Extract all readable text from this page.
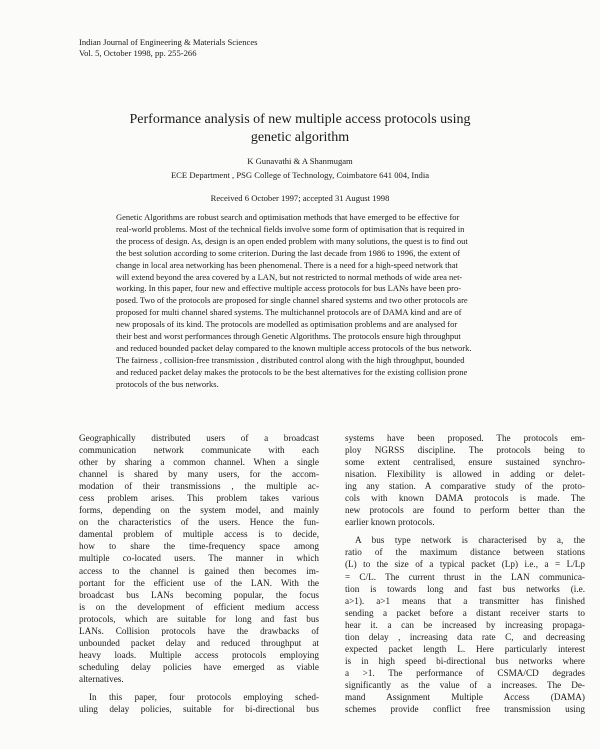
Indian Journal of Engineering & Materials Sciences
Vol. 5, October 1998, pp. 255-266
Performance analysis of new multiple access protocols using
genetic algorithm
K Gunavathi & A Shanmugam
ECE Department , PSG College of Technology, Coimbatore 641 004, India
Received 6 October 1997; accepted 31 August 1998
Genetic Algorithms are robust search and optimisation methods that have emerged to be effective for
real-world problems. Most of the technical fields involve some form of optimisation that is required in
the process of design. As, design is an open ended problem with many solutions, the quest is to find out
the best solution according to some criterion. During the last decade from 1986 to 1996, the extent of
change in local area networking has been phenomenal. There is a need for a high-speed network that
will extend beyond the area covered by a LAN, but not restricted to normal methods of wide area net-
working. In this paper, four new and effective multiple access protocols for bus LANs have been pro-
posed. Two of the protocols are proposed for single channel shared systems and two other protocols are
proposed for multi channel shared systems. The multichannel protocols are of DAMA kind and are of
new proposals of its kind. The protocols are modelled as optimisation problems and are analysed for
their best and worst performances through Genetic Algorithms. The protocols ensure high throughput
and reduced bounded packet delay compared to the known multiple access protocols of the bus network.
The fairness , collision-free transmission , distributed control along with the high throughput, bounded
and reduced packet delay makes the protocols to be the best alternatives for the existing collision prone
protocols of the bus networks.
Geographically distributed users of a broadcast
communication network communicate with each
other by sharing a common channel. When a single
channel is shared by many users, for the accom-
modation of their transmissions , the multiple ac-
cess problem arises. This problem takes various
forms, depending on the system model, and mainly
on the characteristics of the users. Hence the fun-
damental problem of multiple access is to decide,
how to share the time-frequency space among
multiple co-located users. The manner in which
access to the channel is gained then becomes im-
portant for the efficient use of the LAN. With the
broadcast bus LANs becoming popular, the focus
is on the development of efficient medium access
protocols, which are suitable for long and fast bus
LANs. Collision protocols have the drawbacks of
unbounded packet delay and reduced throughput at
heavy loads. Multiple access protocols employing
scheduling delay policies have emerged as viable
alternatives.
In this paper, four protocols employing sched-
uling delay policies, suitable for bi-directional bus
systems have been proposed. The protocols em-
ploy NGRSS discipline. The protocols being to
some extent centralised, ensure sustained synchro-
nisation. Flexibility is allowed in adding or delet-
ing any station. A comparative study of the proto-
cols with known DAMA protocols is made. The
new protocols are found to perform better than the
earlier known protocols.
A bus type network is characterised by a, the
ratio of the maximum distance between stations
(L) to the size of a typical packet (Lp) i.e., a = L/Lp
= C/L. The current thrust in the LAN communica-
tion is towards long and fast bus networks (i.e.
a>1). a>1 means that a transmitter has finished
sending a packet before a distant receiver starts to
hear it. a can be increased by increasing propaga-
tion delay , increasing data rate C, and decreasing
expected packet length L. Here particularly interest
is in high speed bi-directional bus networks where
a >1. The performance of CSMA/CD degrades
significantly as the value of a increases. The De-
mand Assignment Multiple Access (DAMA)
schemes provide conflict free transmission using
